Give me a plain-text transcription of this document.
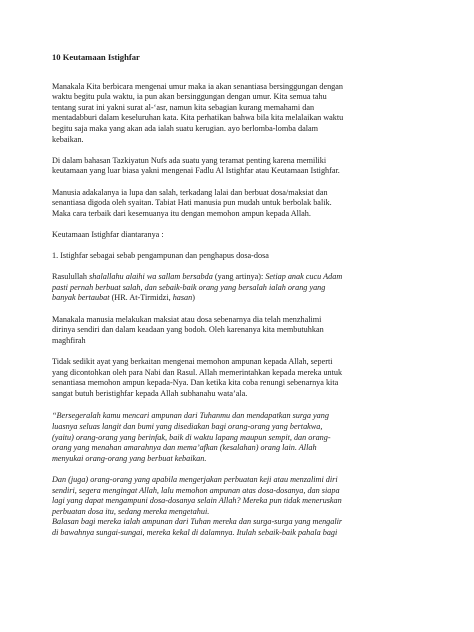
10 Keutamaan Istighfar

Manakala Kita berbicara mengenai umur maka ia akan senantiasa bersinggungan dengan
waktu begitu pula waktu, ia pun akan bersinggungan dengan umur. Kita semua tahu
tentang surat ini yakni surat al-‘asr, namun kita sebagian kurang memahami dan
mentadabburi dalam keseluruhan kata. Kita perhatikan bahwa bila kita melalaikan waktu
begitu saja maka yang akan ada ialah suatu kerugian. ayo berlomba-lomba dalam
kebaikan.

Di dalam bahasan Tazkiyatun Nufs ada suatu yang teramat penting karena memiliki
keutamaan yang luar biasa yakni mengenai Fadlu Al Istighfar atau Keutamaan Istighfar.

Manusia adakalanya ia lupa dan salah, terkadang lalai dan berbuat dosa/maksiat dan
senantiasa digoda oleh syaitan. Tabiat Hati manusia pun mudah untuk berbolak balik.
Maka cara terbaik dari kesemuanya itu dengan memohon ampun kepada Allah.

Keutamaan Istighfar diantaranya :

1. Istighfar sebagai sebab pengampunan dan penghapus dosa-dosa

Rasulullah shalallahu alaihi wa sallam bersabda (yang artinya): Setiap anak cucu Adam
pasti pernah berbuat salah, dan sebaik-baik orang yang bersalah ialah orang yang
banyak bertaubat (HR. At-Tirmidzi, hasan)

Manakala manusia melakukan maksiat atau dosa sebenarnya dia telah menzhalimi
dirinya sendiri dan dalam keadaan yang bodoh. Oleh karenanya kita membutuhkan
maghfirah

Tidak sedikit ayat yang berkaitan mengenai memohon ampunan kepada Allah, seperti
yang dicontohkan oleh para Nabi dan Rasul. Allah memerintahkan kepada mereka untuk
senantiasa memohon ampun kepada-Nya. Dan ketika kita coba renungi sebenarnya kita
sangat butuh beristighfar kepada Allah subhanahu wata’ala.

“Bersegeralah kamu mencari ampunan dari Tuhanmu dan mendapatkan surga yang
luasnya seluas langit dan bumi yang disediakan bagi orang-orang yang bertakwa,
(yaitu) orang-orang yang berinfak, baik di waktu lapang maupun sempit, dan orang-
orang yang menahan amarahnya dan mema’afkan (kesalahan) orang lain. Allah
menyukai orang-orang yang berbuat kebaikan.

Dan (juga) orang-orang yang apabila mengerjakan perbuatan keji atau menzalimi diri
sendiri, segera mengingat Allah, lalu memohon ampunan atas dosa-dosanya, dan siapa
lagi yang dapat mengampuni dosa-dosanya selain Allah? Mereka pun tidak meneruskan
perbuatan dosa itu, sedang mereka mengetahui.
Balasan bagi mereka ialah ampunan dari Tuhan mereka dan surga-surga yang mengalir
di bawahnya sungai-sungai, mereka kekal di dalamnya. Itulah sebaik-baik pahala bagi
